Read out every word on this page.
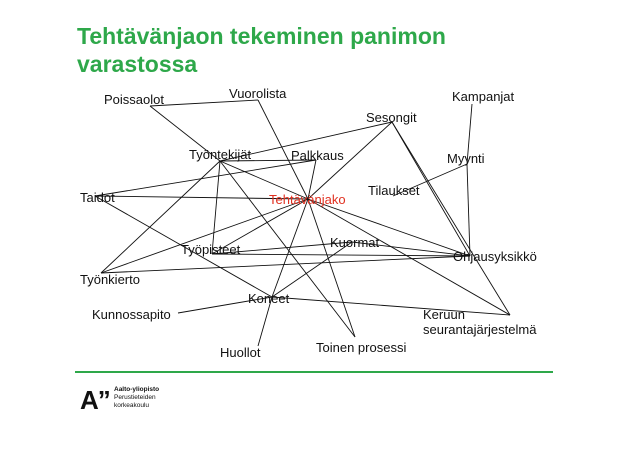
Tehtävänjaon tekeminen panimon varastossa
Poissaolot	Vuorolista	Kampanjat
Sesongit
Työntekijät	Palkkaus	Myynti
Taidot	Tehtävänjako
Tilaukset
Kuormat
Työpisteet	Ohjausyksikkö
Työnkierto
Koneet
Kunnossapito	Keruun
seurantajärjestelmä
Toinen prosessi
Huollot
A” Aalto-yliopisto
Perustieteiden
korkeakoulu
